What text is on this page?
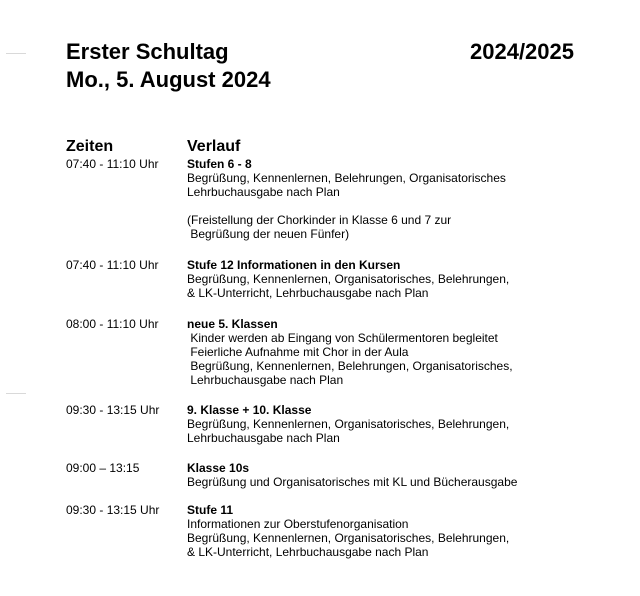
Erster Schultag
Mo., 5. August 2024
2024/2025
Zeiten	Verlauf
07:40 - 11:10 Uhr Stufen 6 - 8
Begrüßung, Kennenlernen, Belehrungen, Organisatorisches
Lehrbuchausgabe nach Plan
(Freistellung der Chorkinder in Klasse 6 und 7 zur
Begrüßung der neuen Fünfer)
07:40 - 11:10 Uhr Stufe 12 Informationen in den Kursen
Begrüßung, Kennenlernen, Organisatorisches, Belehrungen,
& LK-Unterricht, Lehrbuchausgabe nach Plan
08:00 - 11:10 Uhr neue 5. Klassen
Kinder werden ab Eingang von Schülermentoren begleitet
Feierliche Aufnahme mit Chor in der Aula
Begrüßung, Kennenlernen, Belehrungen, Organisatorisches,
Lehrbuchausgabe nach Plan
09:30 - 13:15 Uhr 9. Klasse + 10. Klasse
Begrüßung, Kennenlernen, Organisatorisches, Belehrungen,
Lehrbuchausgabe nach Plan
09:00 – 13:15	Klasse 10s
Begrüßung und Organisatorisches mit KL und Bücherausgabe
09:30 - 13:15 Uhr Stufe 11
Informationen zur Oberstufenorganisation
Begrüßung, Kennenlernen, Organisatorisches, Belehrungen,
& LK-Unterricht, Lehrbuchausgabe nach Plan
